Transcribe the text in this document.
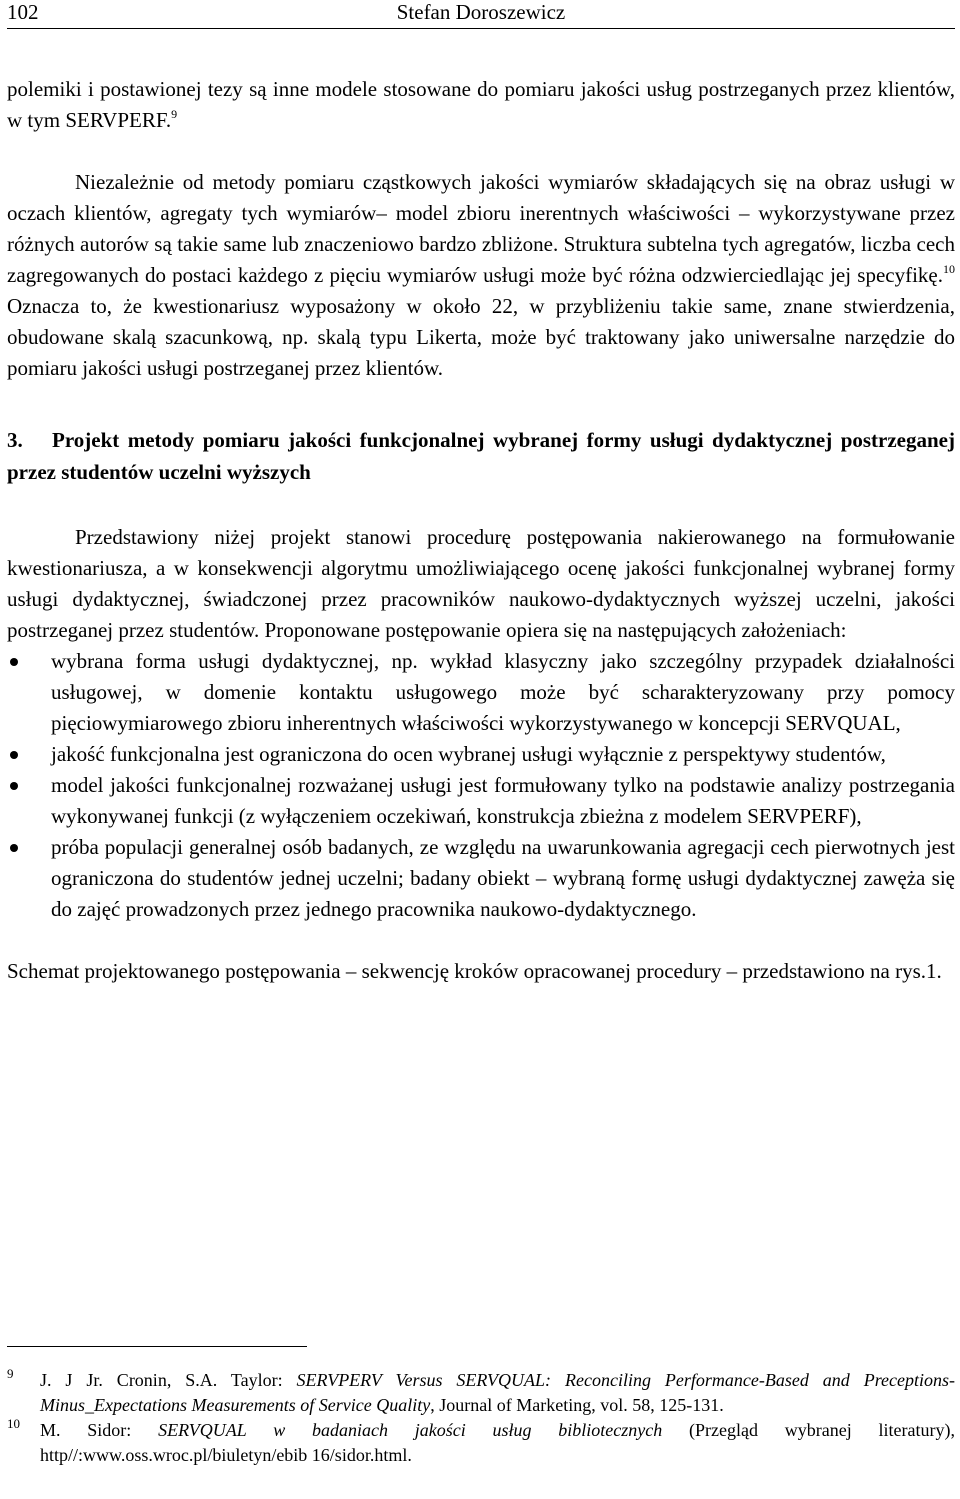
102	Stefan Doroszewicz

polemiki i postawionej tezy są inne modele stosowane do pomiaru jakości usług postrzeganych przez klientów, w tym SERVPERF.$^9$

Niezależnie od metody pomiaru cząstkowych jakości wymiarów składających się na obraz usługi w oczach klientów, agregaty tych wymiarów– model zbioru inerentnych właściwości – wykorzystywane przez różnych autorów są takie same lub znaczeniowo bardzo zbliżone. Struktura subtelna tych agregatów, liczba cech zagregowanych do postaci każdego z pięciu wymiarów usługi może być różna odzwierciedlając jej specyfikę.$^{10}$ Oznacza to, że kwestionariusz wyposażony w około 22, w przybliżeniu takie same, znane stwierdzenia, obudowane skalą szacunkową, np. skalą typu Likerta, może być traktowany jako uniwersalne narzędzie do pomiaru jakości usługi postrzeganej przez klientów.

3. Projekt metody pomiaru jakości funkcjonalnej wybranej formy usługi dydaktycznej postrzeganej przez studentów uczelni wyższych

Przedstawiony niżej projekt stanowi procedurę postępowania nakierowanego na formułowanie kwestionariusza, a w konsekwencji algorytmu umożliwiającego ocenę jakości funkcjonalnej wybranej formy usługi dydaktycznej, świadczonej przez pracowników naukowo-dydaktycznych wyższej uczelni, jakości postrzeganej przez studentów. Proponowane postępowanie opiera się na następujących założeniach:

wybrana forma usługi dydaktycznej, np. wykład klasyczny jako szczególny przypadek działalności usługowej, w domenie kontaktu usługowego może być scharakteryzowany przy pomocy pięciowymiarowego zbioru inherentnych właściwości wykorzystywanego w koncepcji SERVQUAL,
jakość funkcjonalna jest ograniczona do ocen wybranej usługi wyłącznie z perspektywy studentów,
model jakości funkcjonalnej rozważanej usługi jest formułowany tylko na podstawie analizy postrzegania wykonywanej funkcji (z wyłączeniem oczekiwań, konstrukcja zbieżna z modelem SERVPERF),
próba populacji generalnej osób badanych, ze względu na uwarunkowania agregacji cech pierwotnych jest ograniczona do studentów jednej uczelni; badany obiekt – wybraną formę usługi dydaktycznej zawęża się do zajęć prowadzonych przez jednego pracownika naukowo-dydaktycznego.

Schemat projektowanego postępowania – sekwencję kroków opracowanej procedury – przedstawiono na rys.1.

9 J. J Jr. Cronin, S.A. Taylor: SERVPERV Versus SERVQUAL: Reconciling Performance-Based and Preceptions-Minus_Expectations Measurements of Service Quality, Journal of Marketing, vol. 58, 125-131.
10 M. Sidor: SERVQUAL w badaniach jakości usług bibliotecznych (Przegląd wybranej literatury), http//:www.oss.wroc.pl/biuletyn/ebib 16/sidor.html.
